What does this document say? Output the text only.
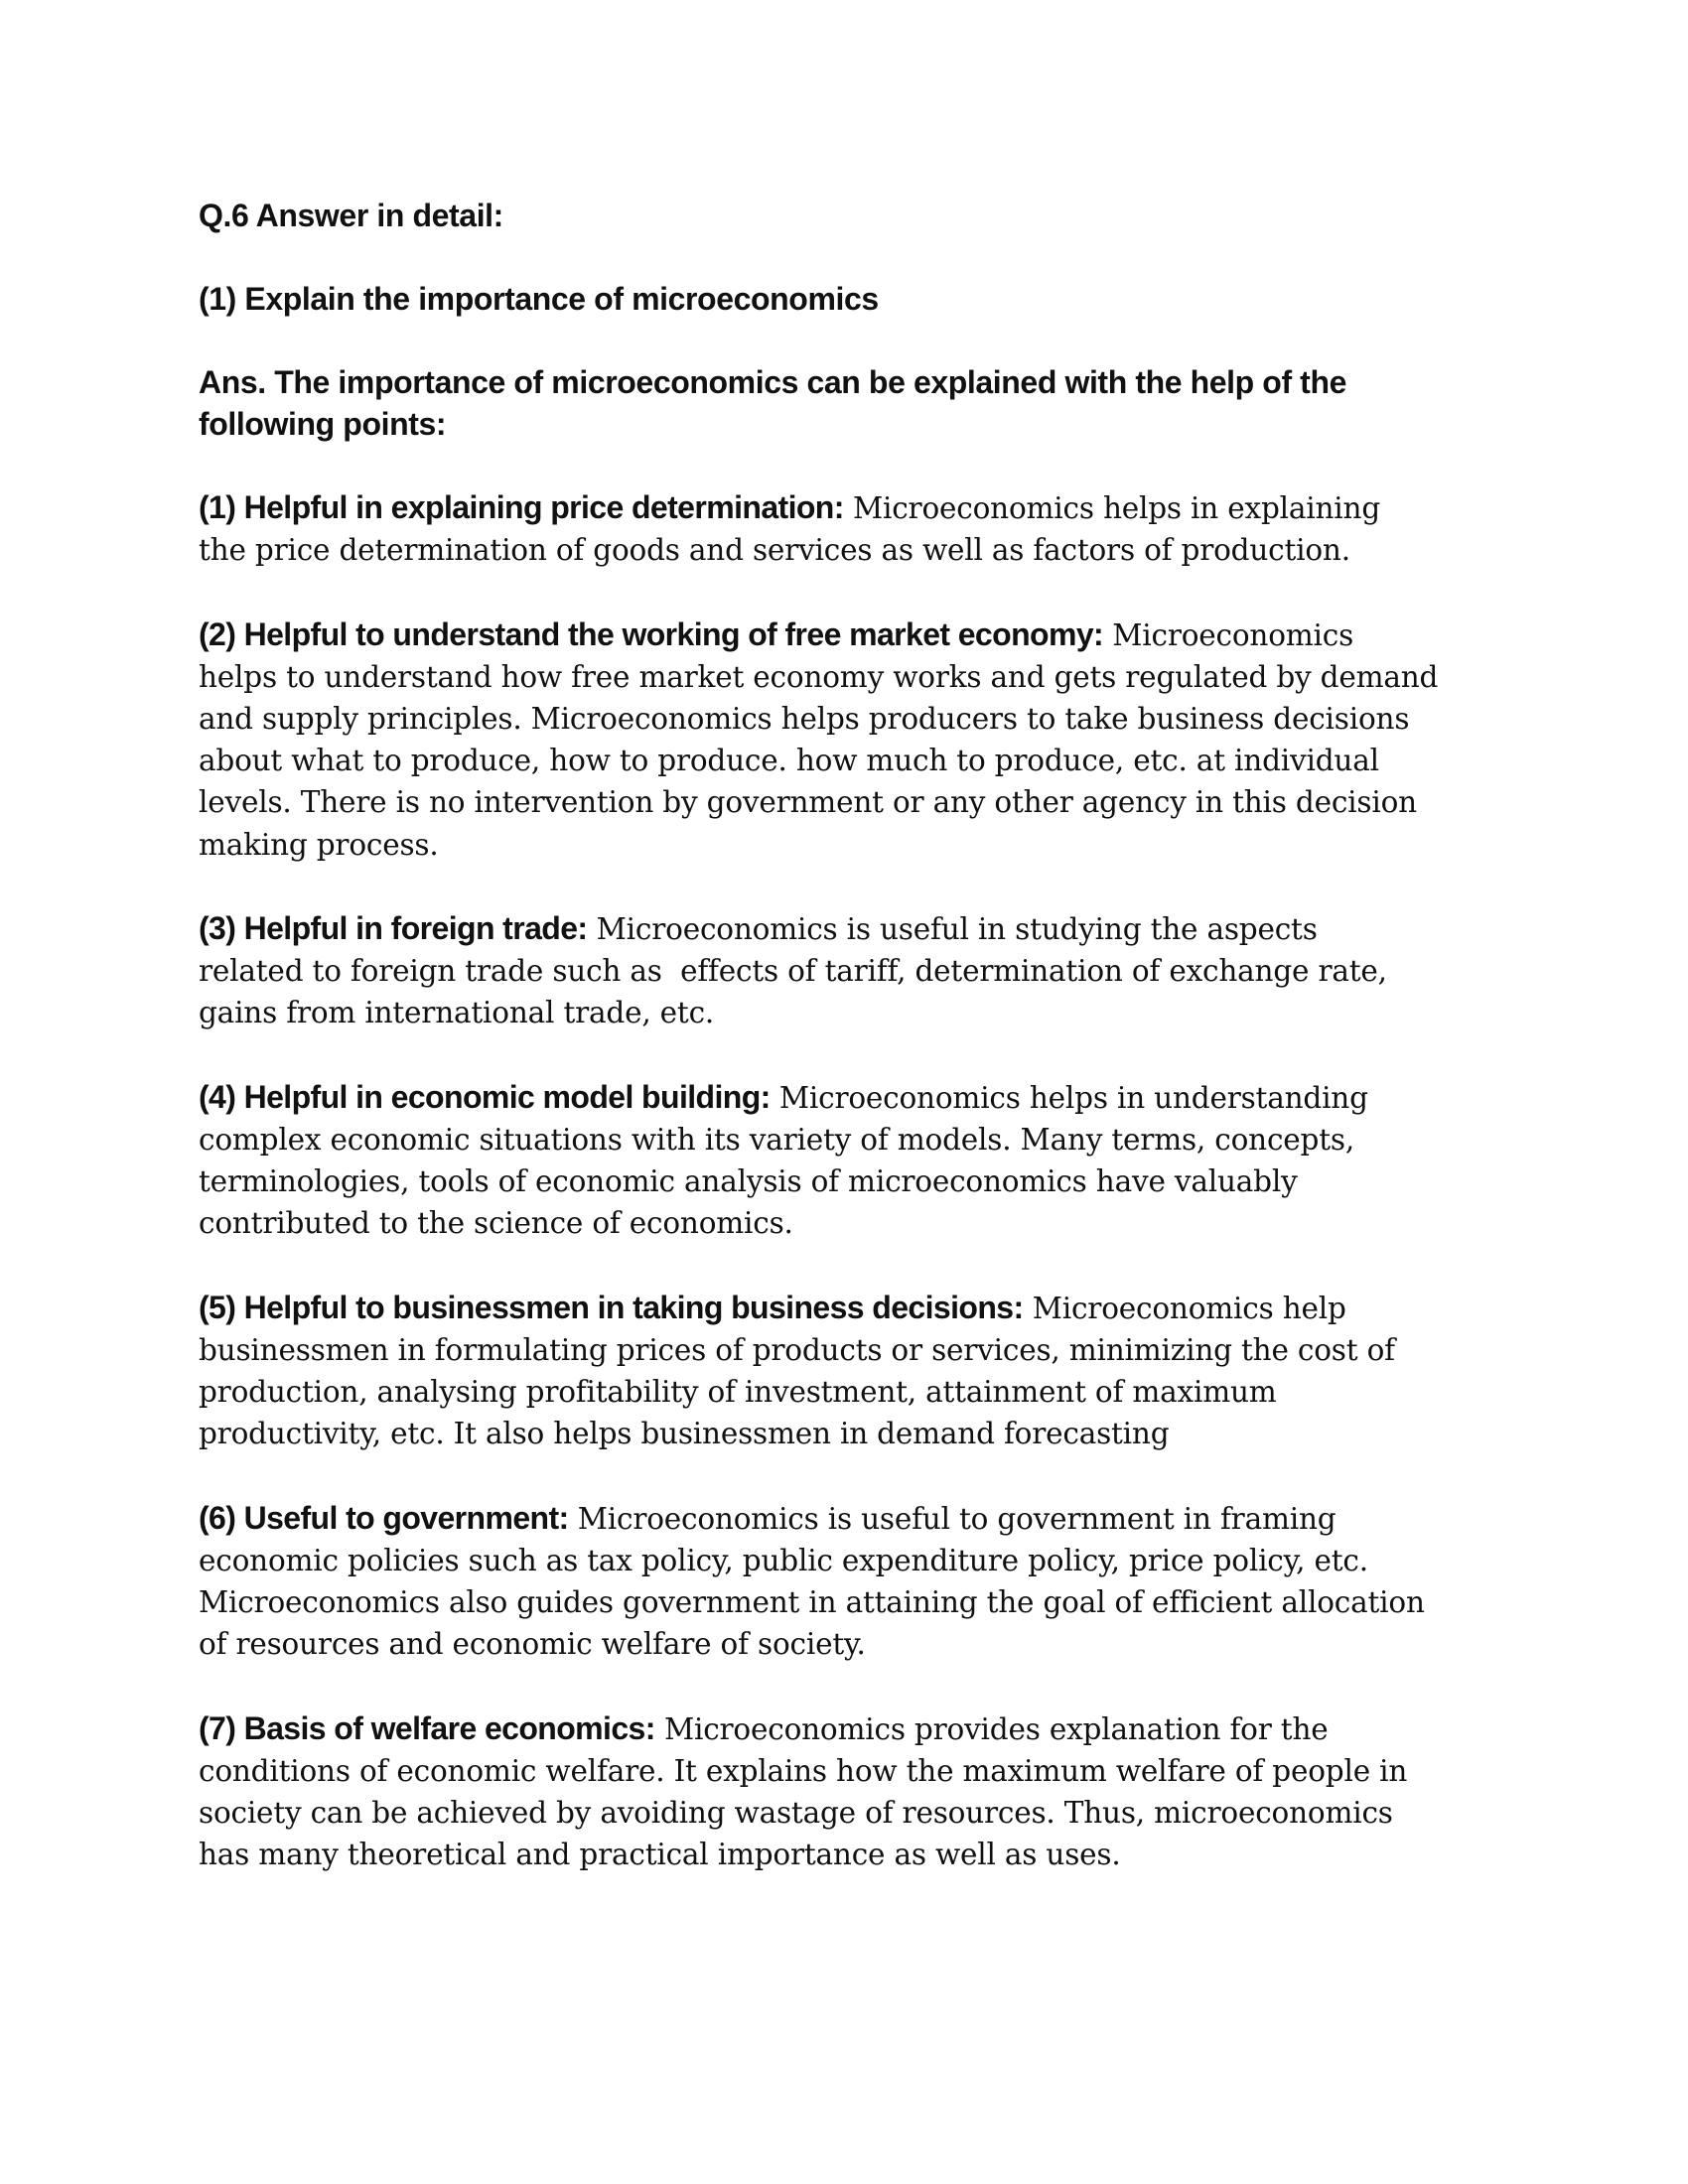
Q.6 Answer in detail:

(1) Explain the importance of microeconomics

Ans. The importance of microeconomics can be explained with the help of the
following points:

(1) Helpful in explaining price determination: Microeconomics helps in explaining
the price determination of goods and services as well as factors of production.

(2) Helpful to understand the working of free market economy: Microeconomics
helps to understand how free market economy works and gets regulated by demand
and supply principles. Microeconomics helps producers to take business decisions
about what to produce, how to produce. how much to produce, etc. at individual
levels. There is no intervention by government or any other agency in this decision
making process.

(3) Helpful in foreign trade: Microeconomics is useful in studying the aspects
related to foreign trade such as  effects of tariff, determination of exchange rate,
gains from international trade, etc.

(4) Helpful in economic model building: Microeconomics helps in understanding
complex economic situations with its variety of models. Many terms, concepts,
terminologies, tools of economic analysis of microeconomics have valuably
contributed to the science of economics.

(5) Helpful to businessmen in taking business decisions: Microeconomics help
businessmen in formulating prices of products or services, minimizing the cost of
production, analysing profitability of investment, attainment of maximum
productivity, etc. It also helps businessmen in demand forecasting

(6) Useful to government: Microeconomics is useful to government in framing
economic policies such as tax policy, public expenditure policy, price policy, etc.
Microeconomics also guides government in attaining the goal of efficient allocation
of resources and economic welfare of society.

(7) Basis of welfare economics: Microeconomics provides explanation for the
conditions of economic welfare. It explains how the maximum welfare of people in
society can be achieved by avoiding wastage of resources. Thus, microeconomics
has many theoretical and practical importance as well as uses.
